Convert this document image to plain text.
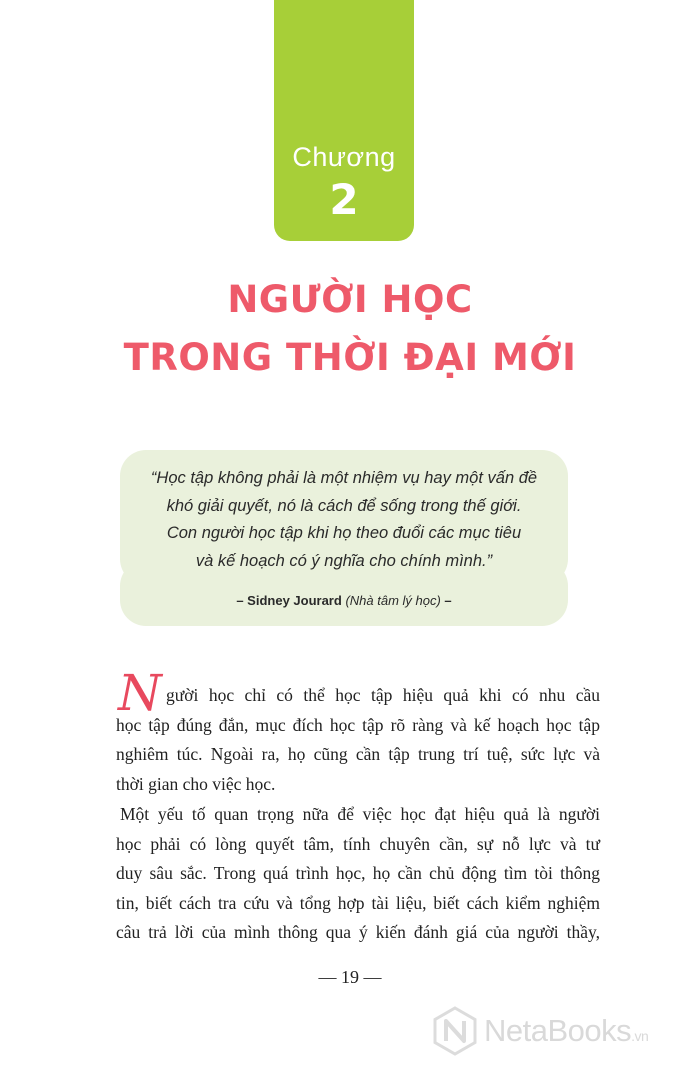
Chương
2
NGƯỜI HỌC
TRONG THỜI ĐẠI MỚI
“Học tập không phải là một nhiệm vụ hay một vấn đề
khó giải quyết, nó là cách để sống trong thế giới.
Con người học tập khi họ theo đuổi các mục tiêu
và kế hoạch có ý nghĩa cho chính mình.”
– Sidney Jourard (Nhà tâm lý học) –
N gười học chỉ có thể học tập hiệu quả khi có nhu cầu
học tập đúng đắn, mục đích học tập rõ ràng và kế hoạch học tập
nghiêm túc. Ngoài ra, họ cũng cần tập trung trí tuệ, sức lực và
thời gian cho việc học.
Một yếu tố quan trọng nữa để việc học đạt hiệu quả là người
học phải có lòng quyết tâm, tính chuyên cần, sự nỗ lực và tư
duy sâu sắc. Trong quá trình học, họ cần chủ động tìm tòi thông
tin, biết cách tra cứu và tổng hợp tài liệu, biết cách kiểm nghiệm
câu trả lời của mình thông qua ý kiến đánh giá của người thầy,
— 19 —
NetaBooks.vn
